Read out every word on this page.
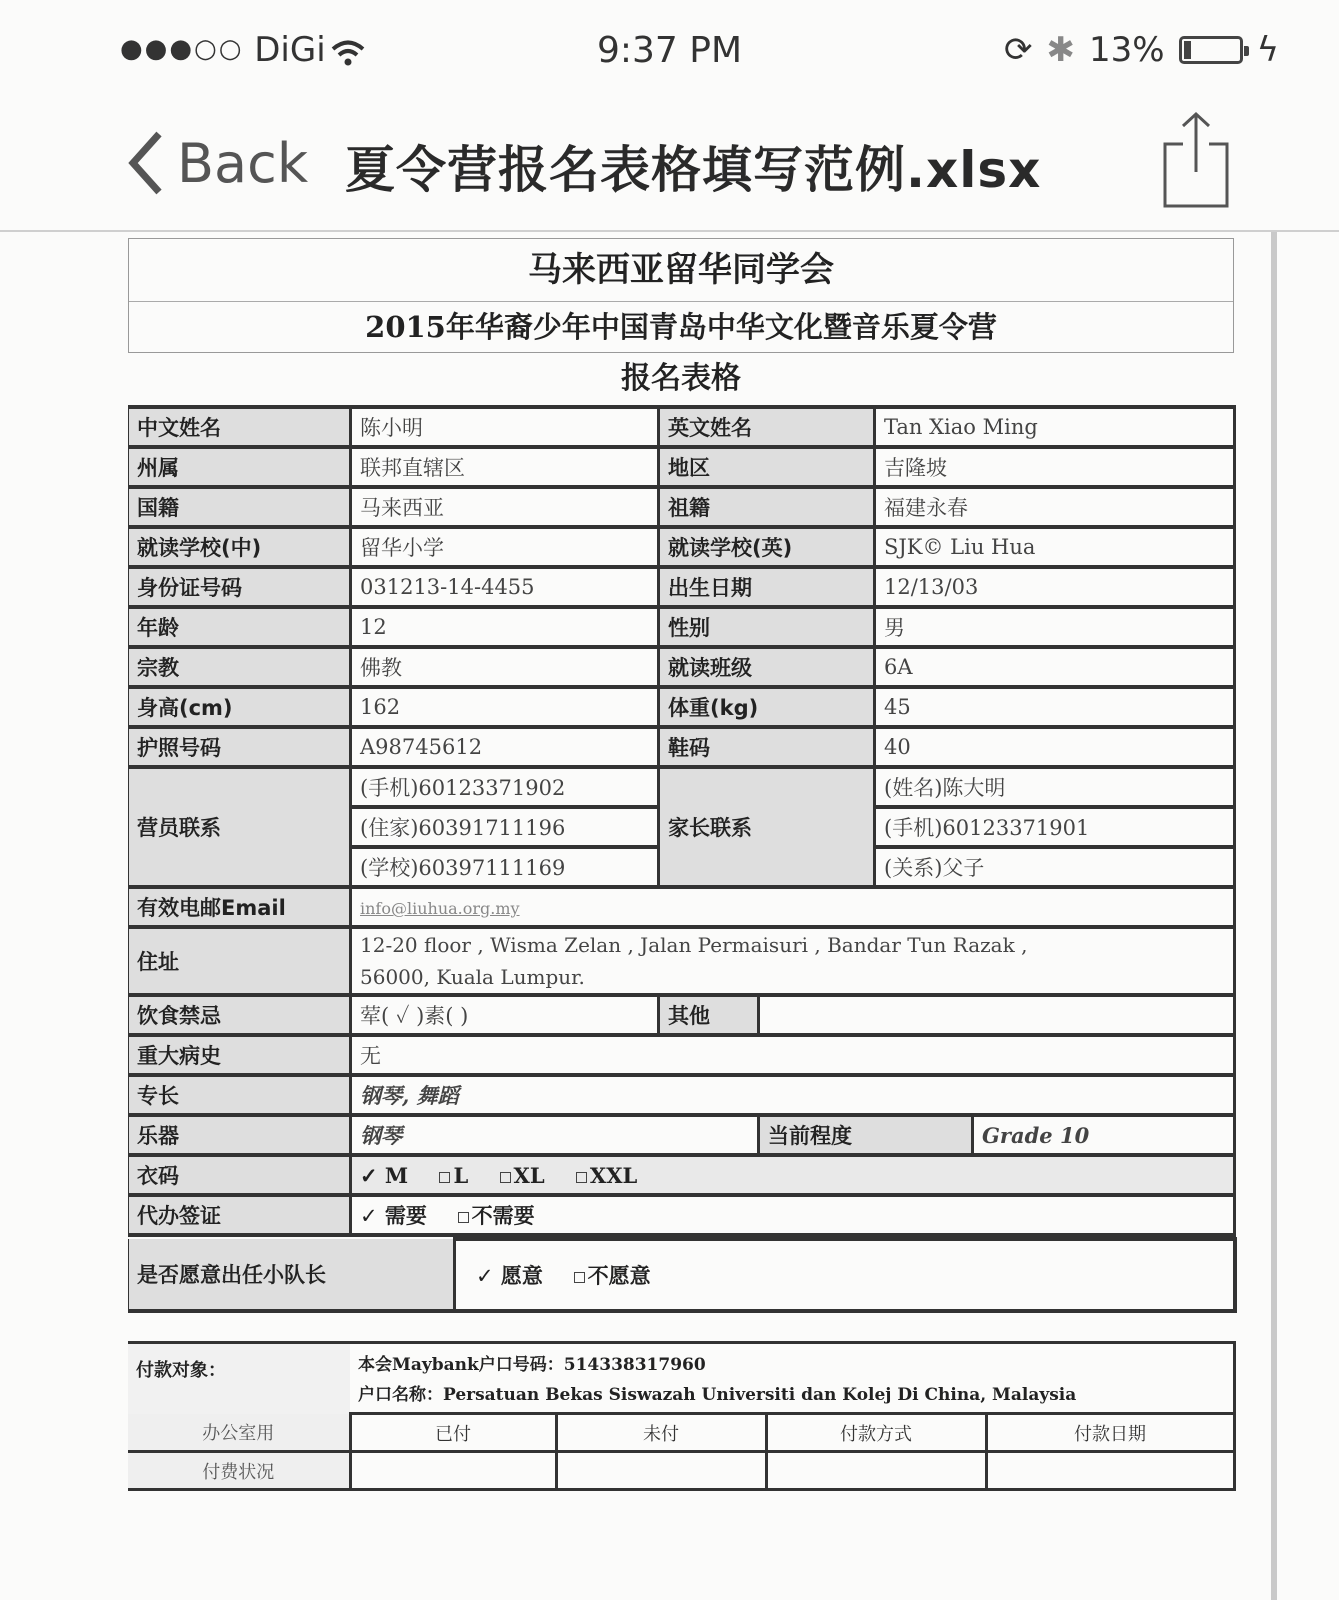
●●●○○ DiGi	9:37 PM	⟳ ✱ 13%	ϟ
Back 夏令营报名表格填写范例.xlsx
马来西亚留华同学会
2015年华裔少年中国青岛中华文化暨音乐夏令营
报名表格
中文姓名	陈小明	英文姓名		Tan Xiao Ming	
州属	联邦直辖区	地区		吉隆坡	
国籍	马来西亚	祖籍		福建永春	
就读学校(中)	留华小学	就读学校(英)		SJK© Liu Hua	
身份证号码	031213-14-4455	出生日期		12/13/03	
年龄	12	性别		男	
宗教	佛教	就读班级		6A	
身高(cm)	162	体重(kg)		45	
护照号码	A98745612	鞋码		40	
营员联系	(手机)60123371902	家长联系		(姓名)陈大明	
	(住家)60391711196			(手机)60123371901	
	(学校)60397111169			(关系)父子	
有效电邮Email	info@liuhua.org.my				
住址	12-20 floor , Wisma Zelan , Jalan Permaisuri , Bandar Tun Razak ,
56000, Kuala Lumpur.				

饮食禁忌	荤( ✓ )素( )	其他			
重大病史	无				
专长	钢琴, 舞蹈				
乐器	钢琴		当前程度		Grade 10
衣码	✓ M L XL XXL				
代办签证	✓ 需要 不需要				
是否愿意出任小队长	✓ 愿意 不愿意
付款对象：	本会Maybank户口号码：514338317960
户口名称：Persatuan Bekas Siswazah Universiti dan Kolej Di China, Malaysia			

办公室用	已付	未付	付款方式	付款日期
付费状况				
